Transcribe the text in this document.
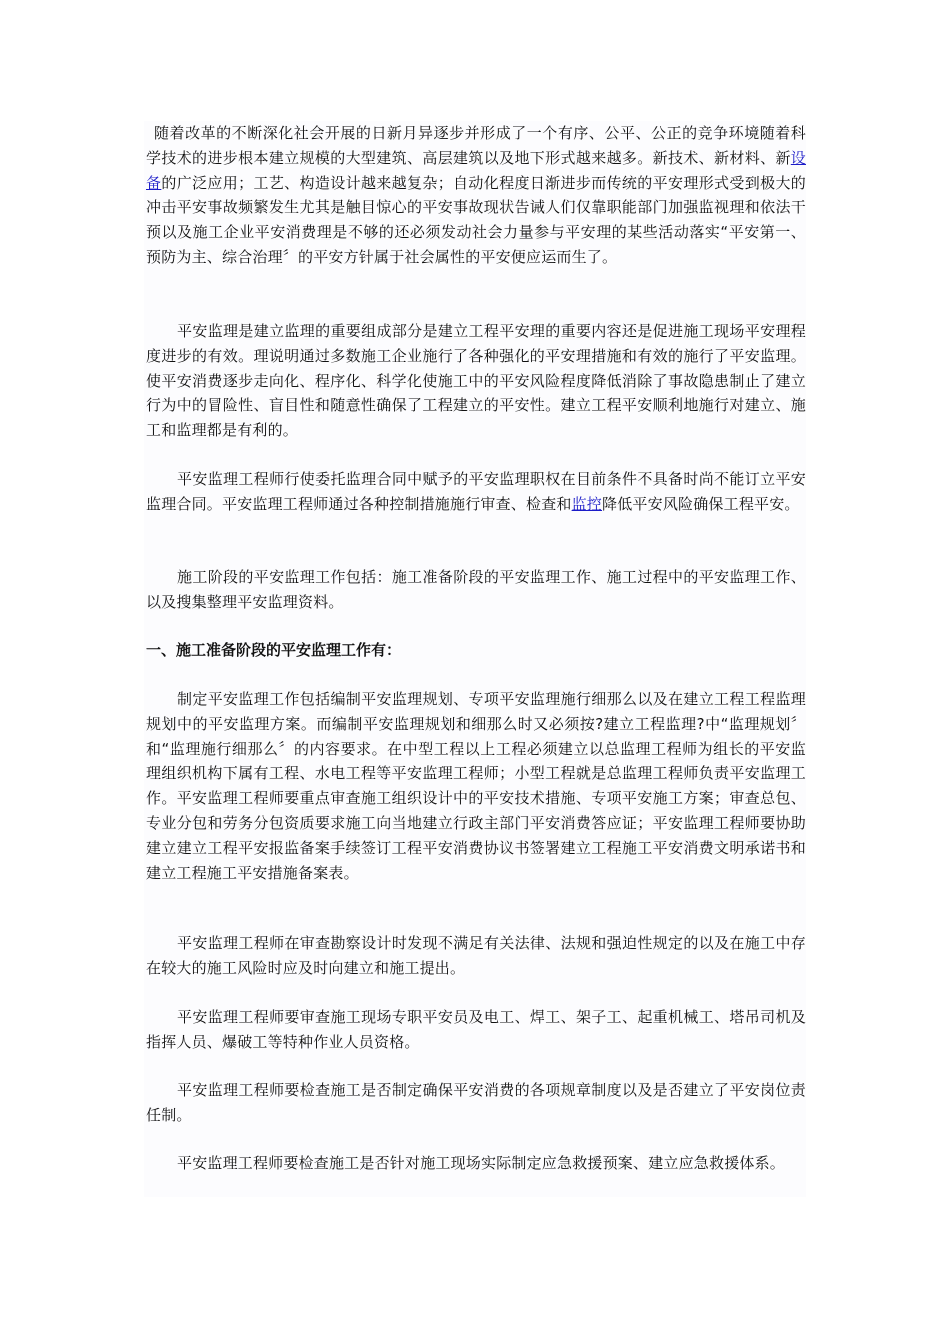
随着改革的不断深化社会开展的日新月异逐步并形成了一个有序、公平、公正的竞争环境随着科学技术的进步根本建立规模的大型建筑、高层建筑以及地下形式越来越多。新技术、新材料、新设备的广泛应用；工艺、构造设计越来越复杂；自动化程度日渐进步而传统的平安理形式受到极大的冲击平安事故频繁发生尤其是触目惊心的平安事故现状告诫人们仅靠职能部门加强监视理和依法干预以及施工企业平安消费理是不够的还必须发动社会力量参与平安理的某些活动落实“平安第一、预防为主、综合治理〞的平安方针属于社会属性的平安便应运而生了。

平安监理是建立监理的重要组成部分是建立工程平安理的重要内容还是促进施工现场平安理程度进步的有效。理说明通过多数施工企业施行了各种强化的平安理措施和有效的施行了平安监理。使平安消费逐步走向化、程序化、科学化使施工中的平安风险程度降低消除了事故隐患制止了建立行为中的冒险性、盲目性和随意性确保了工程建立的平安性。建立工程平安顺利地施行对建立、施工和监理都是有利的。

平安监理工程师行使委托监理合同中赋予的平安监理职权在目前条件不具备时尚不能订立平安监理合同。平安监理工程师通过各种控制措施施行审查、检查和监控降低平安风险确保工程平安。

施工阶段的平安监理工作包括：施工准备阶段的平安监理工作、施工过程中的平安监理工作、以及搜集整理平安监理资料。

一、施工准备阶段的平安监理工作有：

制定平安监理工作包括编制平安监理规划、专项平安监理施行细那么以及在建立工程工程监理规划中的平安监理方案。而编制平安监理规划和细那么时又必须按?建立工程监理?中“监理规划〞和“监理施行细那么〞的内容要求。在中型工程以上工程必须建立以总监理工程师为组长的平安监理组织机构下属有工程、水电工程等平安监理工程师；小型工程就是总监理工程师负责平安监理工作。平安监理工程师要重点审查施工组织设计中的平安技术措施、专项平安施工方案；审查总包、专业分包和劳务分包资质要求施工向当地建立行政主部门平安消费答应证；平安监理工程师要协助建立建立工程平安报监备案手续签订工程平安消费协议书签署建立工程施工平安消费文明承诺书和建立工程施工平安措施备案表。

平安监理工程师在审查勘察设计时发现不满足有关法律、法规和强迫性规定的以及在施工中存在较大的施工风险时应及时向建立和施工提出。

平安监理工程师要审查施工现场专职平安员及电工、焊工、架子工、起重机械工、塔吊司机及指挥人员、爆破工等特种作业人员资格。

平安监理工程师要检查施工是否制定确保平安消费的各项规章制度以及是否建立了平安岗位责任制。

平安监理工程师要检查施工是否针对施工现场实际制定应急救援预案、建立应急救援体系。
